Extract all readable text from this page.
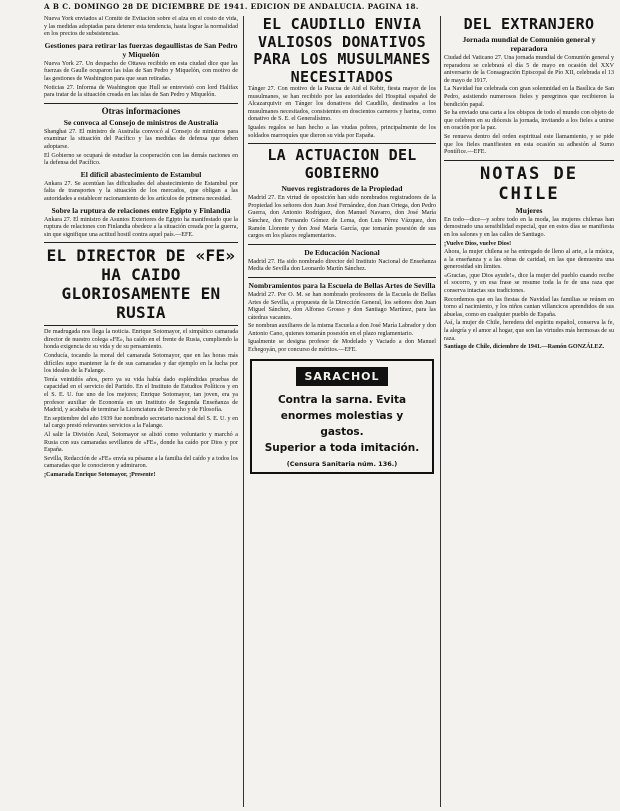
A B C. DOMINGO 28 DE DICIEMBRE DE 1941. EDICION DE ANDALUCIA. PAGINA 18.

Nueva York enviados al Comité de Evitación sobre el alza en el costo de vida, y las medidas adoptadas para detener esta tendencia, hasta lograr la normalidad en los precios de subsistencias.

Gestiones para retirar las fuerzas degaullistas de San Pedro y Miquelón

Nueva York 27. Un despacho de Ottawa recibido en esta ciudad dice que las fuerzas de Gaulle ocuparon las islas de San Pedro y Miquelón, con motivo de las gestiones de Washington para que sean retiradas.

Noticias 27. Informa de Washington que Hull se entrevistó con lord Halifax para tratar de la situación creada en las islas de San Pedro y Miquelón.

Otras informaciones

Se convoca al Consejo de ministros de Australia

Shanghai 27. El ministro de Australia convocó al Consejo de ministros para examinar la situación del Pacífico y las medidas de defensa que deben adoptarse.

El Gobierno se ocupará de estudiar la cooperación con las demás naciones en la defensa del Pacífico.

El difícil abastecimiento de Estambul

Ankara 27. Se acentúan las dificultades del abastecimiento de Estambul por falta de transportes y la situación de los mercados, que obligan a las autoridades a establecer racionamiento de los artículos de primera necesidad.

Sobre la ruptura de relaciones entre Egipto y Finlandia

Ankara 27. El ministro de Asuntos Exteriores de Egipto ha manifestado que la ruptura de relaciones con Finlandia obedece a la situación creada por la guerra, sin que signifique una actitud hostil contra aquel país.—EFE.

EL DIRECTOR DE «FE» HA CAIDO GLORIOSAMENTE EN RUSIA

De madrugada nos llega la noticia. Enrique Sotomayor, el simpático camarada director de nuestro colega «FE», ha caído en el frente de Rusia, cumpliendo la honda exigencia de su vida y de su pensamiento.

Conducía, tocando la moral del camarada Sotomayor, que en las horas más difíciles supo mantener la fe de sus camaradas y dar ejemplo en la lucha por los ideales de la Falange.

Tenía veintidós años, pero ya su vida había dado espléndidas pruebas de capacidad en el servicio del Partido. En el Instituto de Estudios Políticos y en el S. E. U. fue uno de los mejores; Enrique Sotomayor, tan joven, era ya profesor auxiliar de Economía en un Instituto de Segunda Enseñanza de Madrid, y acababa de terminar la Licenciatura de Derecho y de Filosofía.

En septiembre del año 1939 fue nombrado secretario nacional del S. E. U. y en tal cargo prestó relevantes servicios a la Falange.

Al salir la División Azul, Sotomayor se alistó como voluntario y marchó a Rusia con sus camaradas sevillanos de «FE», donde ha caído por Dios y por España.

Sevilla, Redacción de «FE» envía su pésame a la familia del caído y a todos los camaradas que le conocieron y admiraron.

¡Camarada Enrique Sotomayor, ¡Presente!

EL CAUDILLO ENVIA VALIOSOS DONATIVOS PARA LOS MUSULMANES NECESITADOS

Tánger 27. Con motivo de la Pascua de Aid el Kebir, fiesta mayor de los musulmanes, se han recibido por las autoridades del Hospital español de Alcazarquivir en Tánger los donativos del Caudillo, destinados a los musulmanes necesitados, consistentes en doscientos carneros y harina, como donativo de S. E. el Generalísimo.

Iguales regalos se han hecho a las viudas pobres, principalmente de los soldados marroquíes que dieron su vida por España.

LA ACTUACION DEL GOBIERNO

Nuevos registradores de la Propiedad

Madrid 27. En virtud de oposición han sido nombrados registradores de la Propiedad los señores don Juan José Fernández, don Juan Ortega, don Pedro Guerra, don Antonio Rodríguez, don Manuel Navarro, don José María Sánchez, don Fernando Gómez de Lema, don Luis Pérez Vázquez, don Ramón Llorente y don José María García, que tomarán posesión de sus cargos en los plazos reglamentarios.

De Educación Nacional

Madrid 27. Ha sido nombrado director del Instituto Nacional de Enseñanza Media de Sevilla don Leonardo Martín Sánchez.

Nombramientos para la Escuela de Bellas Artes de Sevilla

Madrid 27. Por O. M. se han nombrado profesores de la Escuela de Bellas Artes de Sevilla, a propuesta de la Dirección General, los señores don Juan Miguel Sánchez, don Alfonso Grosso y don Santiago Martínez, para las cátedras vacantes.

Se nombran auxiliares de la misma Escuela a don José María Labrador y don Antonio Cano, quienes tomarán posesión en el plazo reglamentario.

Igualmente se designa profesor de Modelado y Vaciado a don Manuel Echegoyán, por concurso de méritos.—EFE.

SARACHOL
Contra la sarna. Evita
enormes molestias y gastos.
Superior a toda imitación.
(Censura Sanitaria núm. 136.)
DEL EXTRANJERO

Jornada mundial de Comunión general y reparadora

Ciudad del Vaticano 27. Una jornada mundial de Comunión general y reparadora se celebrará el día 5 de mayo en ocasión del XXV aniversario de la Consagración Episcopal de Pío XII, celebrada el 13 de mayo de 1917.

La Navidad fue celebrada con gran solemnidad en la Basílica de San Pedro, asistiendo numerosos fieles y peregrinos que recibieron la bendición papal.

Se ha enviado una carta a los obispos de todo el mundo con objeto de que celebren en su diócesis la jornada, invitando a los fieles a unirse en oración por la paz.

Se renueva dentro del orden espiritual este llamamiento, y se pide que los fieles manifiesten en esta ocasión su adhesión al Sumo Pontífice.—EFE.

NOTAS DE CHILE

Mujeres

En todo—dice—y sobre todo en la moda, las mujeres chilenas han demostrado una sensibilidad especial, que en estos días se manifiesta en los salones y en las calles de Santiago.

¡Vuelve Dios, vuelve Dios!

Ahora, la mujer chilena se ha entregado de lleno al arte, a la música, a la enseñanza y a las obras de caridad, en las que demuestra una generosidad sin límites.

«Gracias, ¡que Dios ayude!», dice la mujer del pueblo cuando recibe el socorro, y en esa frase se resume toda la fe de una raza que conserva intactas sus tradiciones.

Recordemos que en las fiestas de Navidad las familias se reúnen en torno al nacimiento, y los niños cantan villancicos aprendidos de sus abuelas, como en cualquier pueblo de España.

Así, la mujer de Chile, heredera del espíritu español, conserva la fe, la alegría y el amor al hogar, que son las virtudes más hermosas de su raza.

Santiago de Chile, diciembre de 1941.—Ramón GONZÁLEZ.
